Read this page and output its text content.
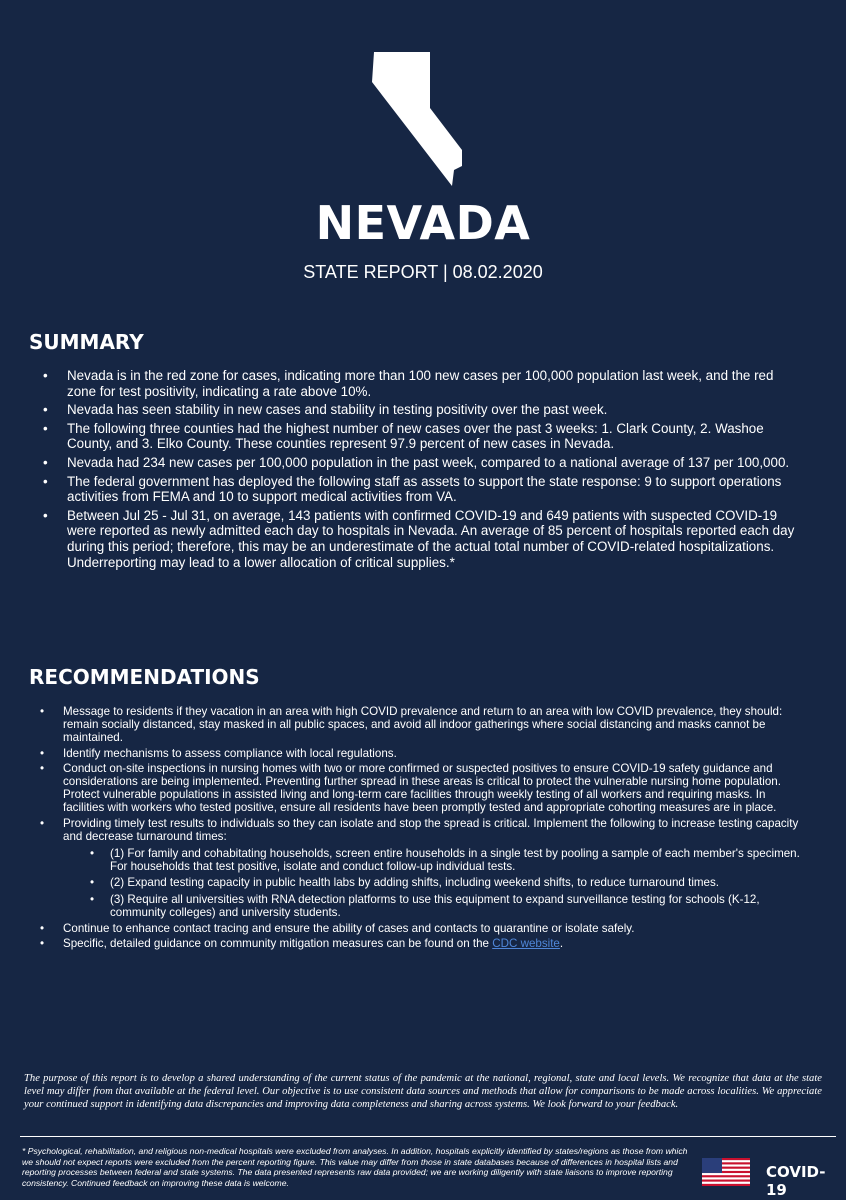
NEVADA
STATE REPORT | 08.02.2020
SUMMARY
• Nevada is in the red zone for cases, indicating more than 100 new cases per 100,000 population last week, and the red zone for test positivity, indicating a rate above 10%.
• Nevada has seen stability in new cases and stability in testing positivity over the past week.
• The following three counties had the highest number of new cases over the past 3 weeks: 1. Clark County, 2. Washoe County, and 3. Elko County. These counties represent 97.9 percent of new cases in Nevada.
• Nevada had 234 new cases per 100,000 population in the past week, compared to a national average of 137 per 100,000.
• The federal government has deployed the following staff as assets to support the state response: 9 to support operations activities from FEMA and 10 to support medical activities from VA.
• Between Jul 25 - Jul 31, on average, 143 patients with confirmed COVID-19 and 649 patients with suspected COVID-19 were reported as newly admitted each day to hospitals in Nevada. An average of 85 percent of hospitals reported each day during this period; therefore, this may be an underestimate of the actual total number of COVID-related hospitalizations. Underreporting may lead to a lower allocation of critical supplies.*
RECOMMENDATIONS
• Message to residents if they vacation in an area with high COVID prevalence and return to an area with low COVID prevalence, they should: remain socially distanced, stay masked in all public spaces, and avoid all indoor gatherings where social distancing and masks cannot be maintained.
• Identify mechanisms to assess compliance with local regulations.
• Conduct on-site inspections in nursing homes with two or more confirmed or suspected positives to ensure COVID-19 safety guidance and considerations are being implemented. Preventing further spread in these areas is critical to protect the vulnerable nursing home population. Protect vulnerable populations in assisted living and long-term care facilities through weekly testing of all workers and requiring masks. In facilities with workers who tested positive, ensure all residents have been promptly tested and appropriate cohorting measures are in place.
• Providing timely test results to individuals so they can isolate and stop the spread is critical. Implement the following to increase testing capacity and decrease turnaround times:
• (1) For family and cohabitating households, screen entire households in a single test by pooling a sample of each member's specimen. For households that test positive, isolate and conduct follow-up individual tests.
• (2) Expand testing capacity in public health labs by adding shifts, including weekend shifts, to reduce turnaround times.
• (3) Require all universities with RNA detection platforms to use this equipment to expand surveillance testing for schools (K-12, community colleges) and university students.
• Continue to enhance contact tracing and ensure the ability of cases and contacts to quarantine or isolate safely.
• Specific, detailed guidance on community mitigation measures can be found on the CDC website.
The purpose of this report is to develop a shared understanding of the current status of the pandemic at the national, regional, state and local levels. We recognize that data at the state level may differ from that available at the federal level. Our objective is to use consistent data sources and methods that allow for comparisons to be made across localities. We appreciate your continued support in identifying data discrepancies and improving data completeness and sharing across systems. We look forward to your feedback.
* Psychological, rehabilitation, and religious non-medical hospitals were excluded from analyses. In addition, hospitals explicitly identified by states/regions as those from which we should not expect reports were excluded from the percent reporting figure. This value may differ from those in state databases because of differences in hospital lists and reporting processes between federal and state systems. The data presented represents raw data provided; we are working diligently with state liaisons to improve reporting consistency. Continued feedback on improving these data is welcome.
COVID-19
